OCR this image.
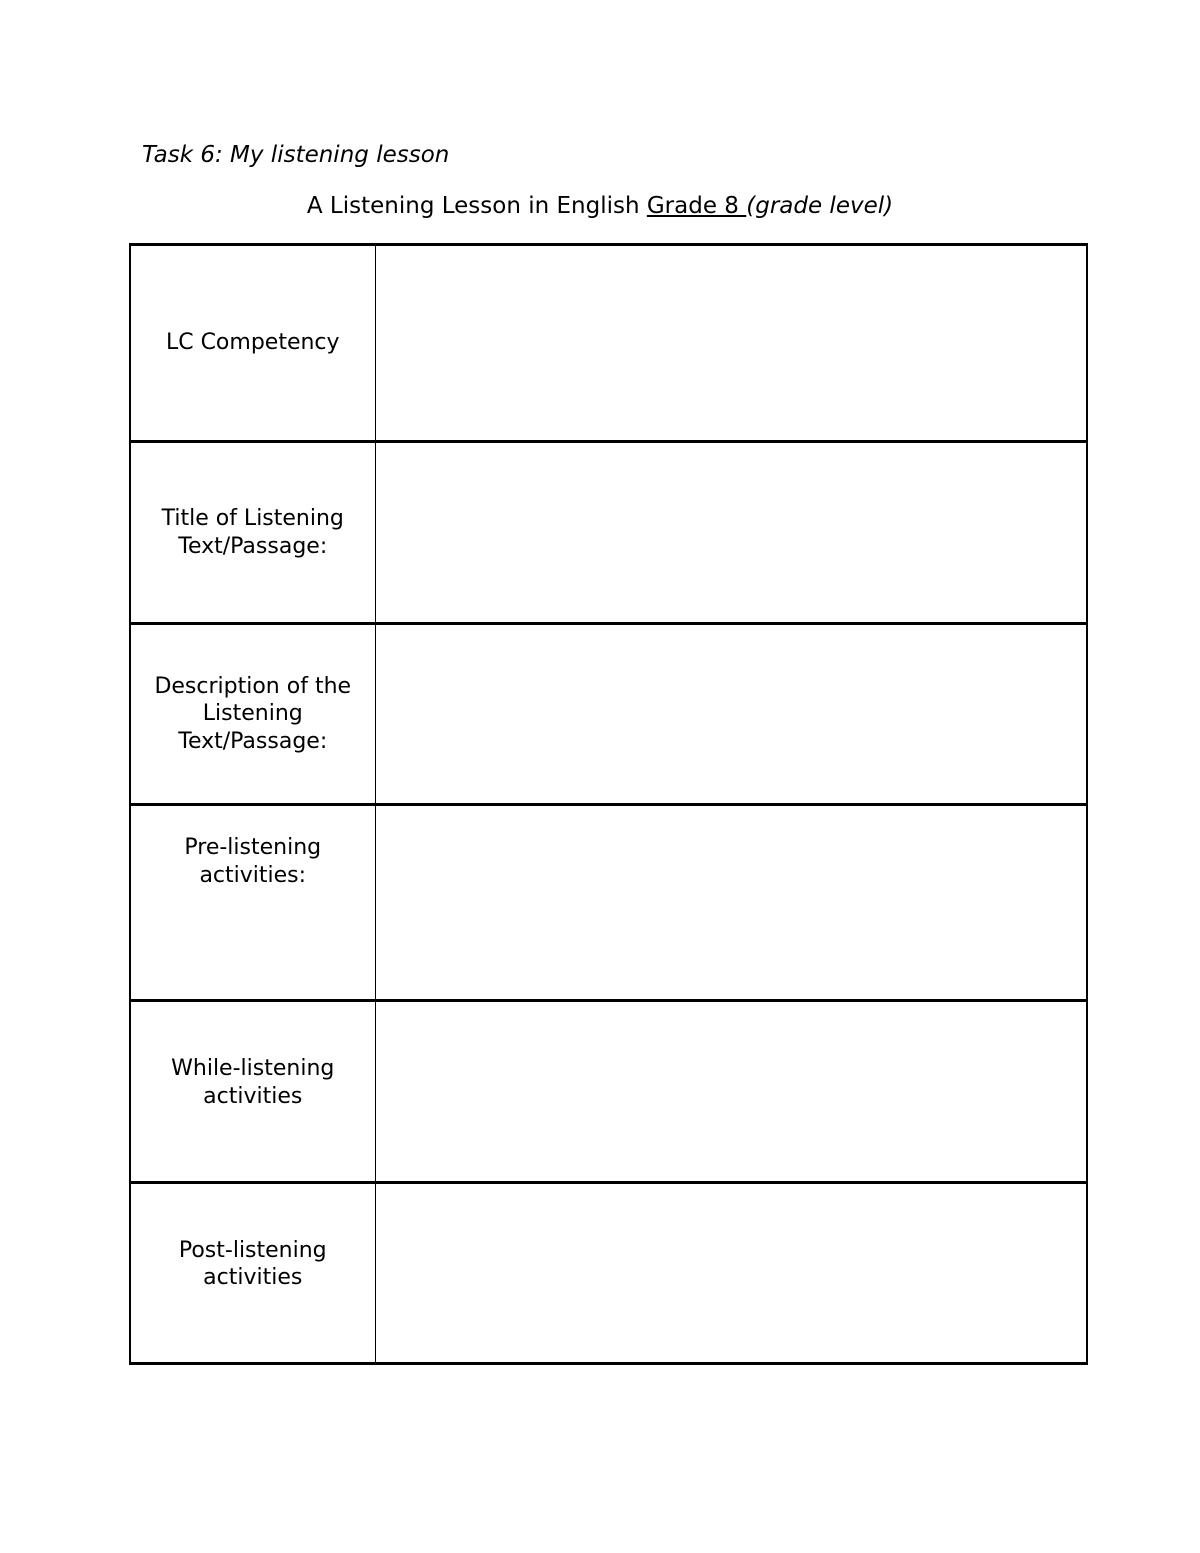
Task 6: My listening lesson
A Listening Lesson in English Grade 8 (grade level)
LC Competency	

Title of Listening Text/Passage:	

Description of the Listening Text/Passage:	

Pre-listening activities:	

While-listening activities	

Post-listening activities	
